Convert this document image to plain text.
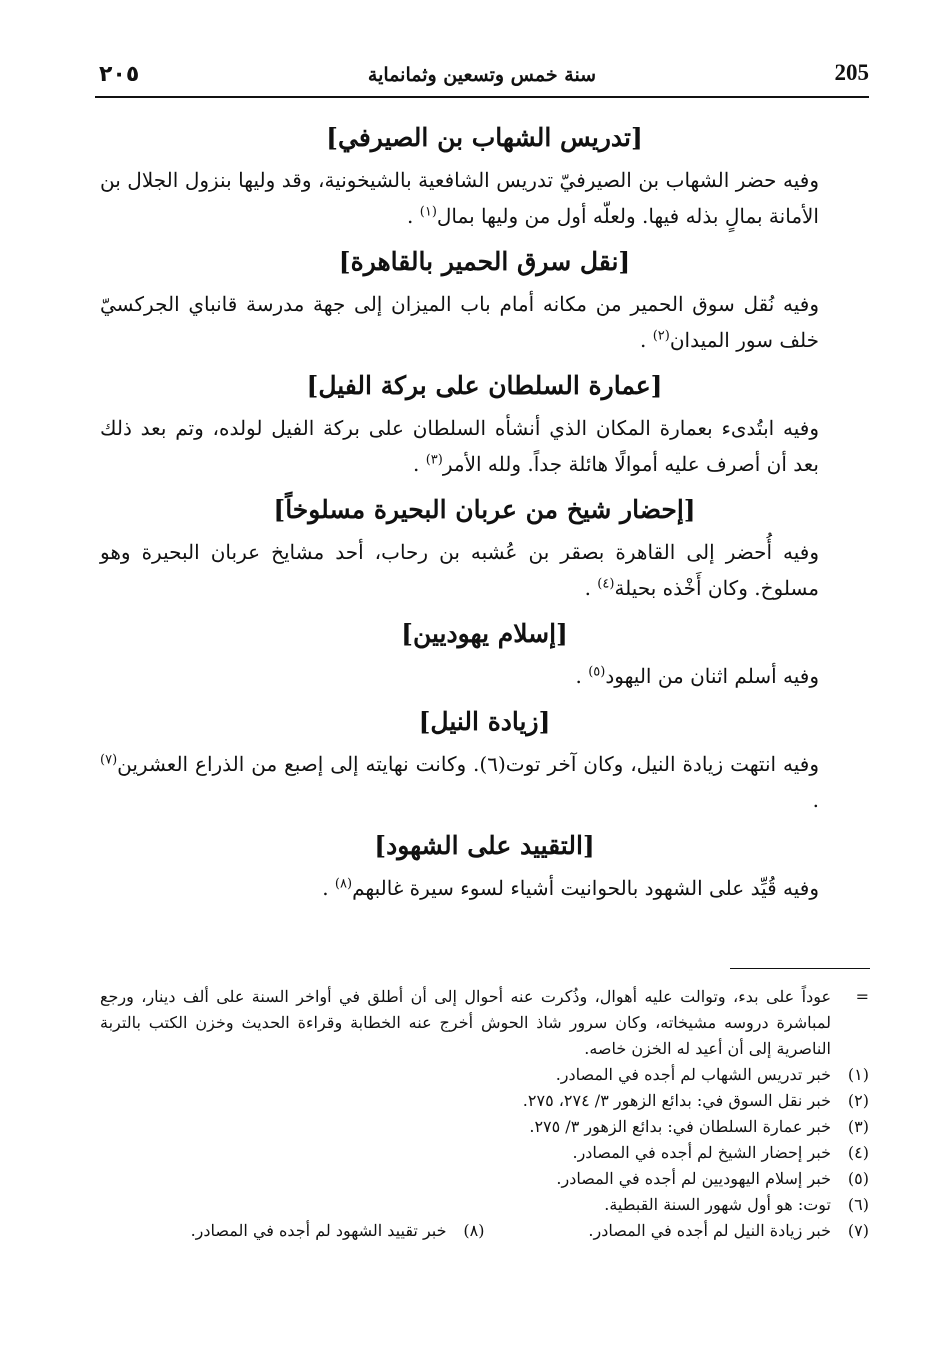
٢٠٥	سنة خمس وتسعين وثمانماية	205
[تدريس الشهاب بن الصيرفي]

وفيه حضر الشهاب بن الصيرفيّ تدريس الشافعية بالشيخونية، وقد وليها بنزول الجلال بن الأمانة بمالٍ بذله فيها. ولعلّه أول من وليها بمال$^{(١)}$ .

[نقل سرق الحمير بالقاهرة]

وفيه نُقل سوق الحمير من مكانه أمام باب الميزان إلى جهة مدرسة قانباي الجركسيّ خلف سور الميدان$^{(٢)}$ .

[عمارة السلطان على بركة الفيل]

وفيه ابتُدىء بعمارة المكان الذي أنشأه السلطان على بركة الفيل لولده، وتم بعد ذلك بعد أن أصرف عليه أموالًا هائلة جداً. ولله الأمر$^{(٣)}$ .

[إحضار شيخ من عربان البحيرة مسلوخاً]

وفيه أُحضر إلى القاهرة بصقر بن عُشبه بن رحاب، أحد مشايخ عربان البحيرة وهو مسلوخ. وكان أَخْذه بحيلة$^{(٤)}$ .

[إسلام يهوديين]

وفيه أسلم اثنان من اليهود$^{(٥)}$ .

[زيادة النيل]

وفيه انتهت زيادة النيل، وكان آخر توت(٦). وكانت نهايته إلى إصبع من الذراع العشرين$^{(٧)}$ .

[التقييد على الشهود]

وفيه قُيِّد على الشهود بالحوانيت أشياء لسوء سيرة غالبهم$^{(٨)}$ .

=
عوداً على بدء، وتوالت عليه أهوال، وذُكرت عنه أحوال إلى أن أطلق في أواخر السنة على ألف دينار، ورجع لمباشرة دروسه مشيخاته، وكان سرور شاذ الحوش أخرج عنه الخطابة وقراءة الحديث وخزن الكتب بالتربة الناصرية إلى أن أعيد له الخزن خاصه.
(١)
خبر تدريس الشهاب لم أجده في المصادر.
(٢)
خبر نقل السوق في: بدائع الزهور ٣/ ٢٧٤، ٢٧٥.
(٣)
خبر عمارة السلطان في: بدائع الزهور ٣/ ٢٧٥.
(٤)
خبر إحضار الشيخ لم أجده في المصادر.
(٥)
خبر إسلام اليهوديين لم أجده في المصادر.
(٦)
توت: هو أول شهور السنة القبطية.
(٧)
خبر زيادة النيل لم أجده في المصادر.
(٨)
خبر تقييد الشهود لم أجده في المصادر.
